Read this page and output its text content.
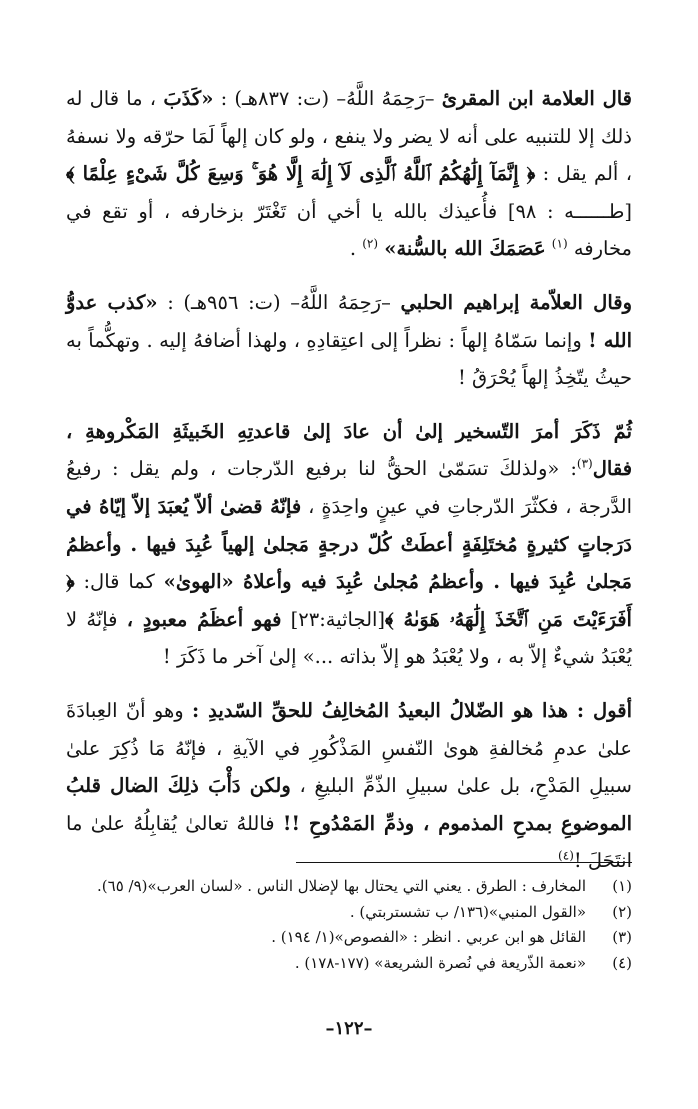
قال العلامة ابن المقرئ –رَحِمَهُ اللَّهُ– (ت: ٨٣٧هـ) : «كَذَبَ ، ما قال له ذلك إلا للتنبيه على أنه لا يضر ولا ينفع ، ولو كان إلهاً لَمَا حرّقه ولا نسفهُ ، ألم يقل : ﴿ إِنَّمَآ إِلَٰهُكُمُ ٱللَّهُ ٱلَّذِى لَآ إِلَٰهَ إِلَّا هُوَ ۚ وَسِعَ كُلَّ شَىْءٍ عِلْمًا ﴾ [طــــــه : ٩٨] فأُعيذك بالله يا أخي أن تَغْتَرّ بزخارفه ، أو تقع في مخارفه $^{(١)}$ عَصَمَكَ الله بالسُّنة» $^{(٢)}$ .

وقال العلاّمة إبراهيم الحلبي –رَحِمَهُ اللَّهُ– (ت: ٩٥٦هـ) : «كذب عدوُّ الله ! وإنما سَمّاهُ إلهاً : نظراً إلى اعتِقادِهِ ، ولهذا أضافهُ إليه . وتهكُّماً به حيثُ يتّخِذُ إلهاً يُحْرَقُ !

ثُمّ ذَكَرَ أمرَ التّسخير إلىٰ أن عادَ إلىٰ قاعدتِهِ الخَبيثَةِ المَكْروهةِ ، فقال$^{(٣)}$: «ولذلكَ تسَمّىٰ الحقُّ لنا برفيع الدّرجات ، ولم يقل : رفيعُ الدَّرجة ، فكثّرَ الدّرجاتِ في عينٍ واحِدَةٍ ، فإنّهُ قضىٰ ألاّ يُعبَدَ إلاّ إيّاهُ في دَرَجاتٍ كثيرةٍ مُختَلِفَةٍ أعطَتْ كُلّ درجةٍ مَجلىٰ إلهياً عُبِدَ فيها . وأعظمُ مَجلىٰ عُبِدَ فيها . وأعظمُ مُجلىٰ عُبِدَ فيه وأعلاهُ «الهوىٰ» كما قال: ﴿ أَفَرَءَيْتَ مَنِ ٱتَّخَذَ إِلَٰهَهُۥ هَوَىٰهُ ﴾[الجاثية:٢٣] فهو أعظَمُ معبودٍ ، فإنّهُ لا يُعْبَدُ شيءٌ إلاّ به ، ولا يُعْبَدُ هو إلاّ بذاته ...» إلىٰ آخر ما ذَكَرَ !

أقول : هذا هو الضّلالُ البعيدُ المُخالِفُ للحقِّ السّديدِ : وهو أنّ العِبادَةَ علىٰ عدمِ مُخالفةِ هوىٰ النّفسِ المَذْكُورِ في الآيةِ ، فإنّهُ مَا ذُكِرَ علىٰ سبيلِ المَدْحِ، بل علىٰ سبيلِ الذّمِّ البليغِ ، ولكن دَأْبَ ذلِكَ الضال قلبُ الموضوعِ بمدحِ المذموم ، وذمِّ المَمْدُوحِ !! فاللهُ تعالىٰ يُقابِلُهُ علىٰ ما انتَحَلَ !$^{(٤)}$

(١)
المخارف : الطرق . يعني التي يحتال بها لإضلال الناس . «لسان العرب»(٩/ ٦٥).
(٢)
«القول المنبي»(١٣٦/ ب تشستربتي) .
(٣)
القائل هو ابن عربي . انظر : «الفصوص»(١/ ١٩٤) .
(٤)
«نعمة الذّريعة في نُصرة الشريعة» (١٧٧-١٧٨) .
–١٢٢–
